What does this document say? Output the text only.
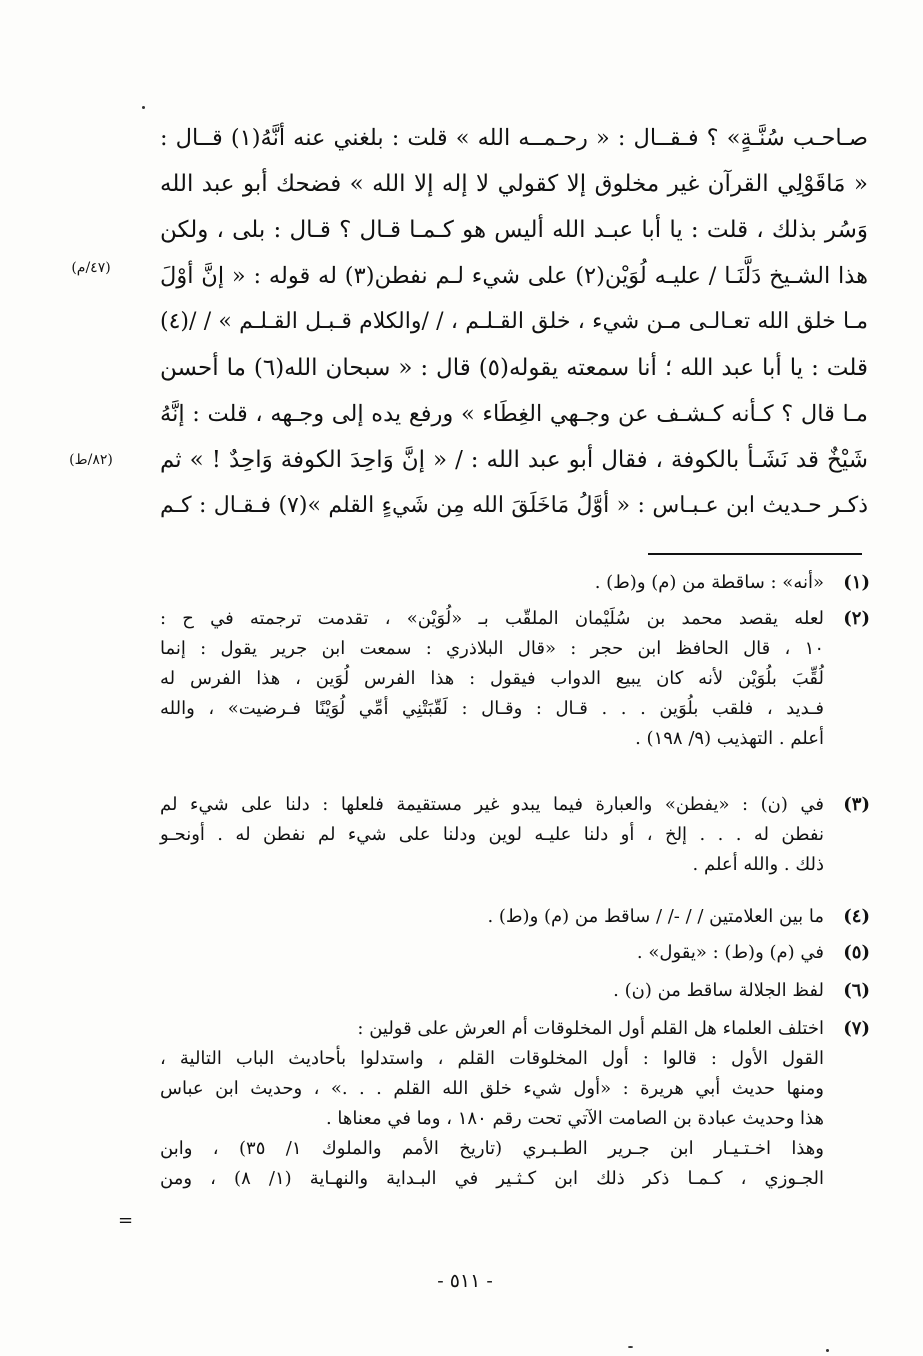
صـاحـب سُنَّـةٍ» ؟ فـقــال : « رحـمــه الله » قلت : بلغني عنه أنَّهُ(١) قــال :
« مَاقَوْلِي القرآن غير مخلوق إلا كقولي لا إله إلا الله » فضحك أبو عبد الله
وَسُر بذلك ، قلت : يا أبا عبـد الله أليس هو كـمـا قـال ؟ قـال : بلى ، ولكن
هذا الشـيخ دَلَّنَـا / عليـه لُوَيْن(٢) على شيء لـم نفطن(٣) له قوله : « إنَّ أوْلَ
مـا خلق الله تعـالـى مـن شيء ، خلق القـلـم ، / /والكلام قـبـل القـلـم » / /(٤)
قلت : يا أبا عبد الله ؛ أنا سمعته يقوله(٥) قال : « سبحان الله(٦) ما أحسن
مـا قال ؟ كـأنه كـشـف عن وجـهي الغِطَاء » ورفع يده إلى وجـهه ، قلت : إنَّهُ
شَيْخٌ قد نَشَـأ بالكوفة ، فقال أبو عبد الله : / « إنَّ وَاحِدَ الكوفة وَاحِدٌ ! » ثم
ذكـر حـديث ابن عـبـاس : « أوَّلُ مَاخَلَقَ الله مِن شَيءٍ القلم »(٧) فـقـال : كـم
(٤٧/م)
(٨٢/ط)
(١)
«أنه» : ساقطة من (م) و(ط) .
(٢)
لعله يقصد محمد بن سُلَيْمان الملقّب بـ «لُوَيْن» ، تقدمت ترجمته في ح :
١٠ ، قال الحافظ ابن حجر : «قال البلاذري : سمعت ابن جرير يقول : إنما
لُقِّبَ بلُوَيْن لأنه كان يبيع الدواب فيقول : هذا الفرس لُوَين ، هذا الفرس له
فـديد ، فلقب بلُوَين . . . قـال : وقـال : لَقّبَتْنِي أمِّي لُوَيْنًا فـرضيت» ، والله
أعلم . التهذيب (٩/ ١٩٨) .
(٣)
في (ن) : «يفطن» والعبارة فيما يبدو غير مستقيمة فلعلها : دلنا على شيء لم
نفطن له . . . إلخ ، أو دلنا عليـه لوين ودلنا على شيء لم نفطن له . أونحـو
ذلك . والله أعلم .
(٤)
ما بين العلامتين / / -/ / ساقط من (م) و(ط) .
(٥)
في (م) و(ط) : «يقول» .
(٦)
لفظ الجلالة ساقط من (ن) .
(٧)
اختلف العلماء هل القلم أول المخلوقات أم العرش على قولين :
القول الأول : قالوا : أول المخلوقات القلم ، واستدلوا بأحاديث الباب التالية ،
ومنها حديث أبي هريرة : «أول شيء خلق الله القلم . . .» ، وحديث ابن عباس
هذا وحديث عبادة بن الصامت الآتي تحت رقم ١٨٠ ، وما في معناها .
وهذا اخـتـيـار ابن جـرير الطـبـري (تاريخ الأمم والملوك ١/ ٣٥) ، وابن
الجـوزي ، كـمـا ذكر ذلك ابن كـثـير في البـداية والنهـاية (١/ ٨) ، ومن
=
- ٥١١ -
